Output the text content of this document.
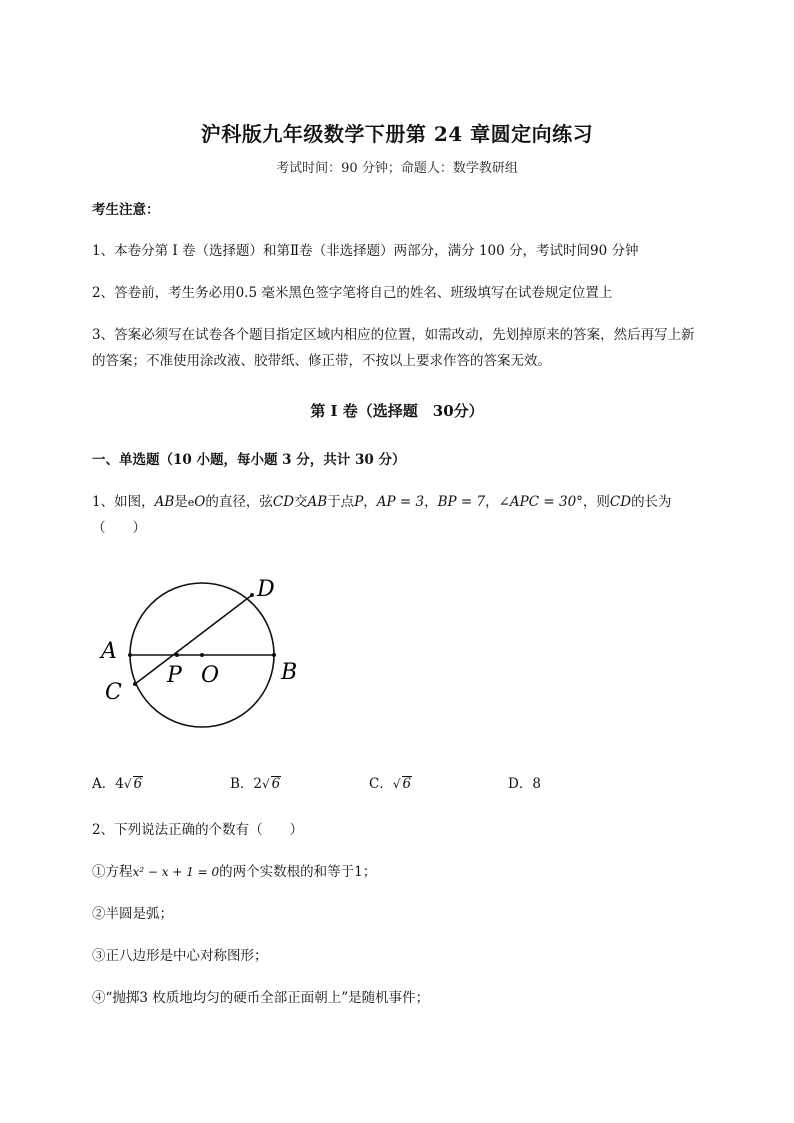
沪科版九年级数学下册第 24 章圆定向练习
考试时间：90 分钟；命题人：数学教研组
考生注意：
1、本卷分第 I 卷（选择题）和第Ⅱ卷（非选择题）两部分，满分 100 分，考试时间90 分钟
2、答卷前，考生务必用0.5 毫米黑色签字笔将自己的姓名、班级填写在试卷规定位置上
3、答案必须写在试卷各个题目指定区域内相应的位置，如需改动，先划掉原来的答案，然后再写上新
的答案；不准使用涂改液、胶带纸、修正带，不按以上要求作答的答案无效。
第 I 卷（选择题　30分）
一、单选题（10 小题，每小题 3 分，共计 30 分）
1、如图，AB是eO的直径，弦CD交AB于点P，AP = 3，BP = 7，∠APC = 30°，则CD的长为
（　　）
A
B
C
D
P O
A．4√ 6	B．2√ 6	C．√ 6	D．8
2、下列说法正确的个数有（　　）
①方程x² − x + 1 = 0的两个实数根的和等于1；
②半圆是弧；
③正八边形是中心对称图形；
④“抛掷3 枚质地均匀的硬币全部正面朝上”是随机事件；
